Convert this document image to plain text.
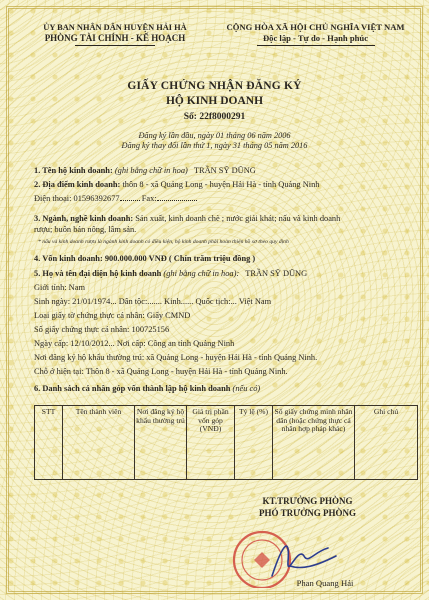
ỦY BAN NHÂN DÂN HUYỆN HẢI HÀ
PHÒNG TÀI CHÍNH - KẾ HOẠCH
CỘNG HÒA XÃ HỘI CHỦ NGHĨA VIỆT NAM
Độc lập - Tự do - Hạnh phúc
GIẤY CHỨNG NHẬN ĐĂNG KÝ
HỘ KINH DOANH
Số: 22f8000291
Đăng ký lần đầu, ngày 01 tháng 06 năm 2006
Đăng ký thay đổi lần thứ 1, ngày 31 tháng 05 năm 2016
1. Tên hộ kinh doanh: (ghi bằng chữ in hoa) TRẦN SỸ DŨNG
2. Địa điểm kinh doanh: thôn 8 - xã Quảng Long - huyện Hải Hà - tỉnh Quảng Ninh
Điện thoại: 01596392677	Fax:
3. Ngành, nghề kinh doanh: Sản xuất, kinh doanh chè ; nước giải khát; nấu và kinh doanh
rượu; buôn bán nông, lâm sản.
* nấu và kinh doanh rượu là ngành kinh doanh có điều kiện, hộ kinh doanh phải hoàn thiện hồ sơ theo quy định
4. Vốn kinh doanh: 900.000.000 VNĐ ( Chín trăm triệu đồng )
5. Họ và tên đại diện hộ kinh doanh (ghi bằng chữ in hoa): TRẦN SỸ DŨNG
Giới tính: Nam
Sinh ngày: 21/01/1974... Dân tộc:....... Kinh...... Quốc tịch:... Việt Nam
Loại giấy tờ chứng thực cá nhân: Giấy CMND
Số giấy chứng thực cá nhân: 100725156
Ngày cấp: 12/10/2012... Nơi cấp: Công an tỉnh Quảng Ninh
Nơi đăng ký hộ khẩu thường trú: xã Quảng Long - huyện Hải Hà - tỉnh Quảng Ninh.
Chỗ ở hiện tại: Thôn 8 - xã Quảng Long - huyện Hải Hà - tỉnh Quảng Ninh.
6. Danh sách cá nhân góp vốn thành lập hộ kinh doanh (nếu có)
STT	Tên thành viên	Nơi đăng ký hộ khẩu thường trú	Giá trị phần vốn góp (VNĐ)	Tỷ lệ (%)	Số giấy chứng minh nhân dân (hoặc chứng thực cá nhân hợp pháp khác)	Ghi chú
KT.TRƯỞNG PHÒNG
PHÓ TRƯỞNG PHÒNG
Phan Quang Hải
